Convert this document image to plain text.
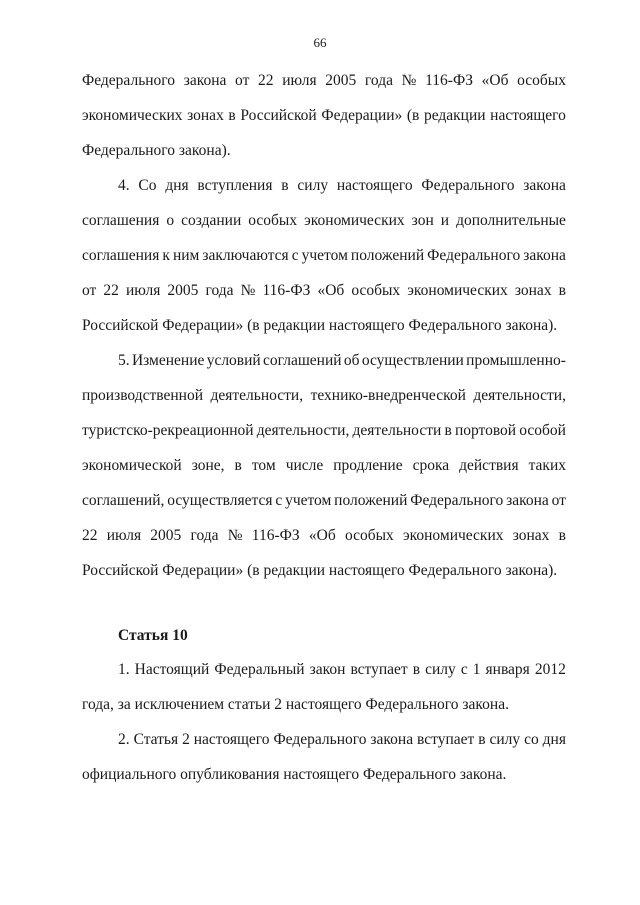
66
Федерального закона от 22 июля 2005 года № 116-ФЗ «Об особых
экономических зонах в Российской Федерации» (в редакции настоящего
Федерального закона).
4. Со дня вступления в силу настоящего Федерального закона
соглашения о создании особых экономических зон и дополнительные
соглашения к ним заключаются с учетом положений Федерального закона
от 22 июля 2005 года № 116-ФЗ «Об особых экономических зонах в
Российской Федерации» (в редакции настоящего Федерального закона).
5. Изменение условий соглашений об осуществлении промышленно-
производственной деятельности, технико-внедренческой деятельности,
туристско-рекреационной деятельности, деятельности в портовой особой
экономической зоне, в том числе продление срока действия таких
соглашений, осуществляется с учетом положений Федерального закона от
22 июля 2005 года № 116-ФЗ «Об особых экономических зонах в
Российской Федерации» (в редакции настоящего Федерального закона).
Статья 10
1. Настоящий Федеральный закон вступает в силу с 1 января 2012
года, за исключением статьи 2 настоящего Федерального закона.
2. Статья 2 настоящего Федерального закона вступает в силу со дня
официального опубликования настоящего Федерального закона.
